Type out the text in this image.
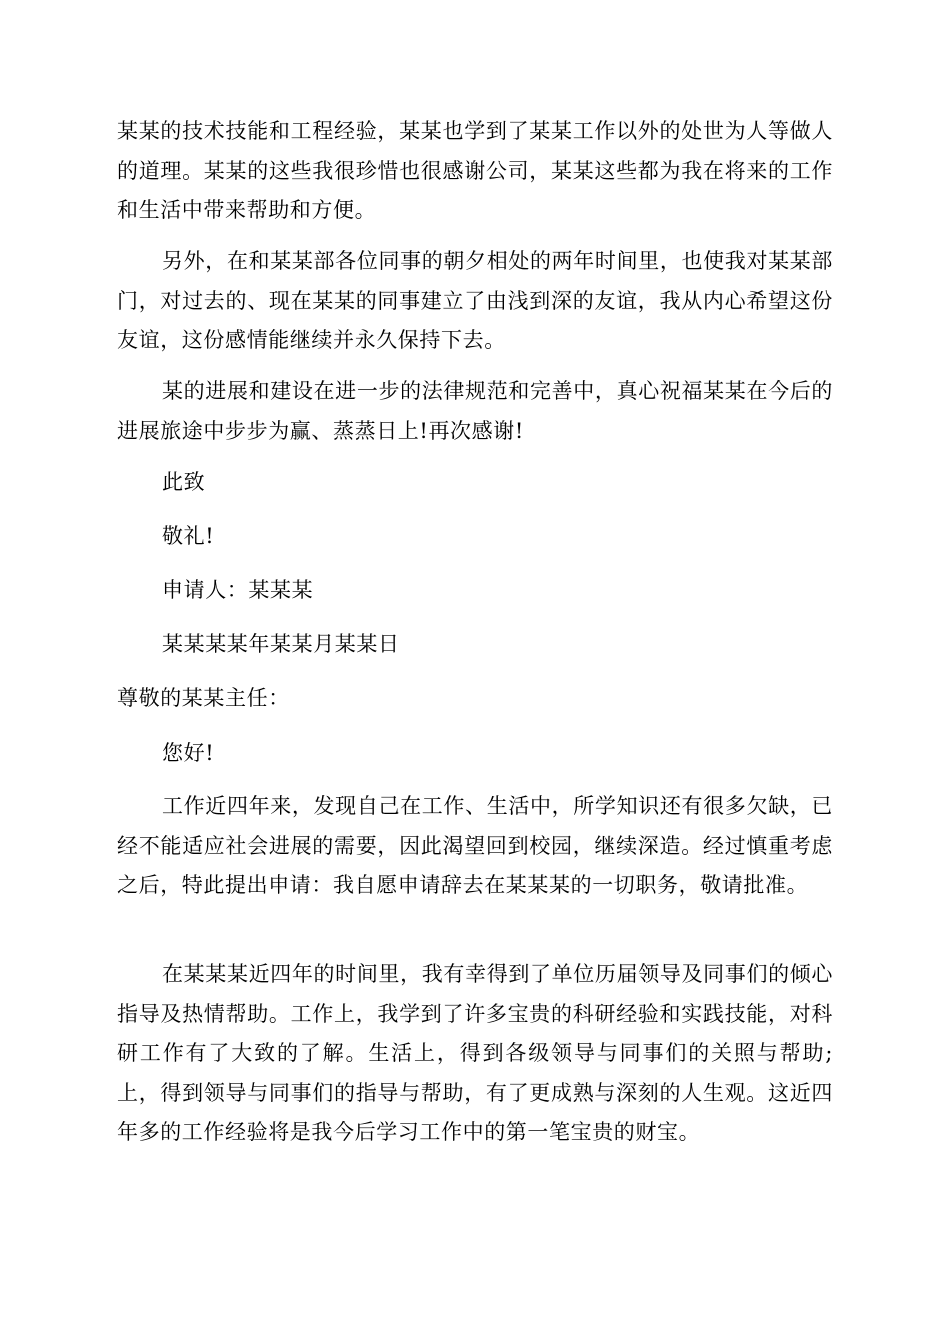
某某的技术技能和工程经验，某某也学到了某某工作以外的处世为人等做人的道理。某某的这些我很珍惜也很感谢公司，某某这些都为我在将来的工作和生活中带来帮助和方便。

另外，在和某某部各位同事的朝夕相处的两年时间里，也使我对某某部门，对过去的、现在某某的同事建立了由浅到深的友谊，我从内心希望这份友谊，这份感情能继续并永久保持下去。

某的进展和建设在进一步的法律规范和完善中，真心祝福某某在今后的进展旅途中步步为赢、蒸蒸日上!再次感谢!

此致

敬礼!

申请人：某某某

某某某某年某某月某某日

尊敬的某某主任：

您好!

工作近四年来，发现自己在工作、生活中，所学知识还有很多欠缺，已经不能适应社会进展的需要，因此渴望回到校园，继续深造。经过慎重考虑之后，特此提出申请：我自愿申请辞去在某某某的一切职务，敬请批准。

在某某某近四年的时间里，我有幸得到了单位历届领导及同事们的倾心指导及热情帮助。工作上，我学到了许多宝贵的科研经验和实践技能，对科研工作有了大致的了解。生活上，得到各级领导与同事们的关照与帮助;上，得到领导与同事们的指导与帮助，有了更成熟与深刻的人生观。这近四年多的工作经验将是我今后学习工作中的第一笔宝贵的财宝。
